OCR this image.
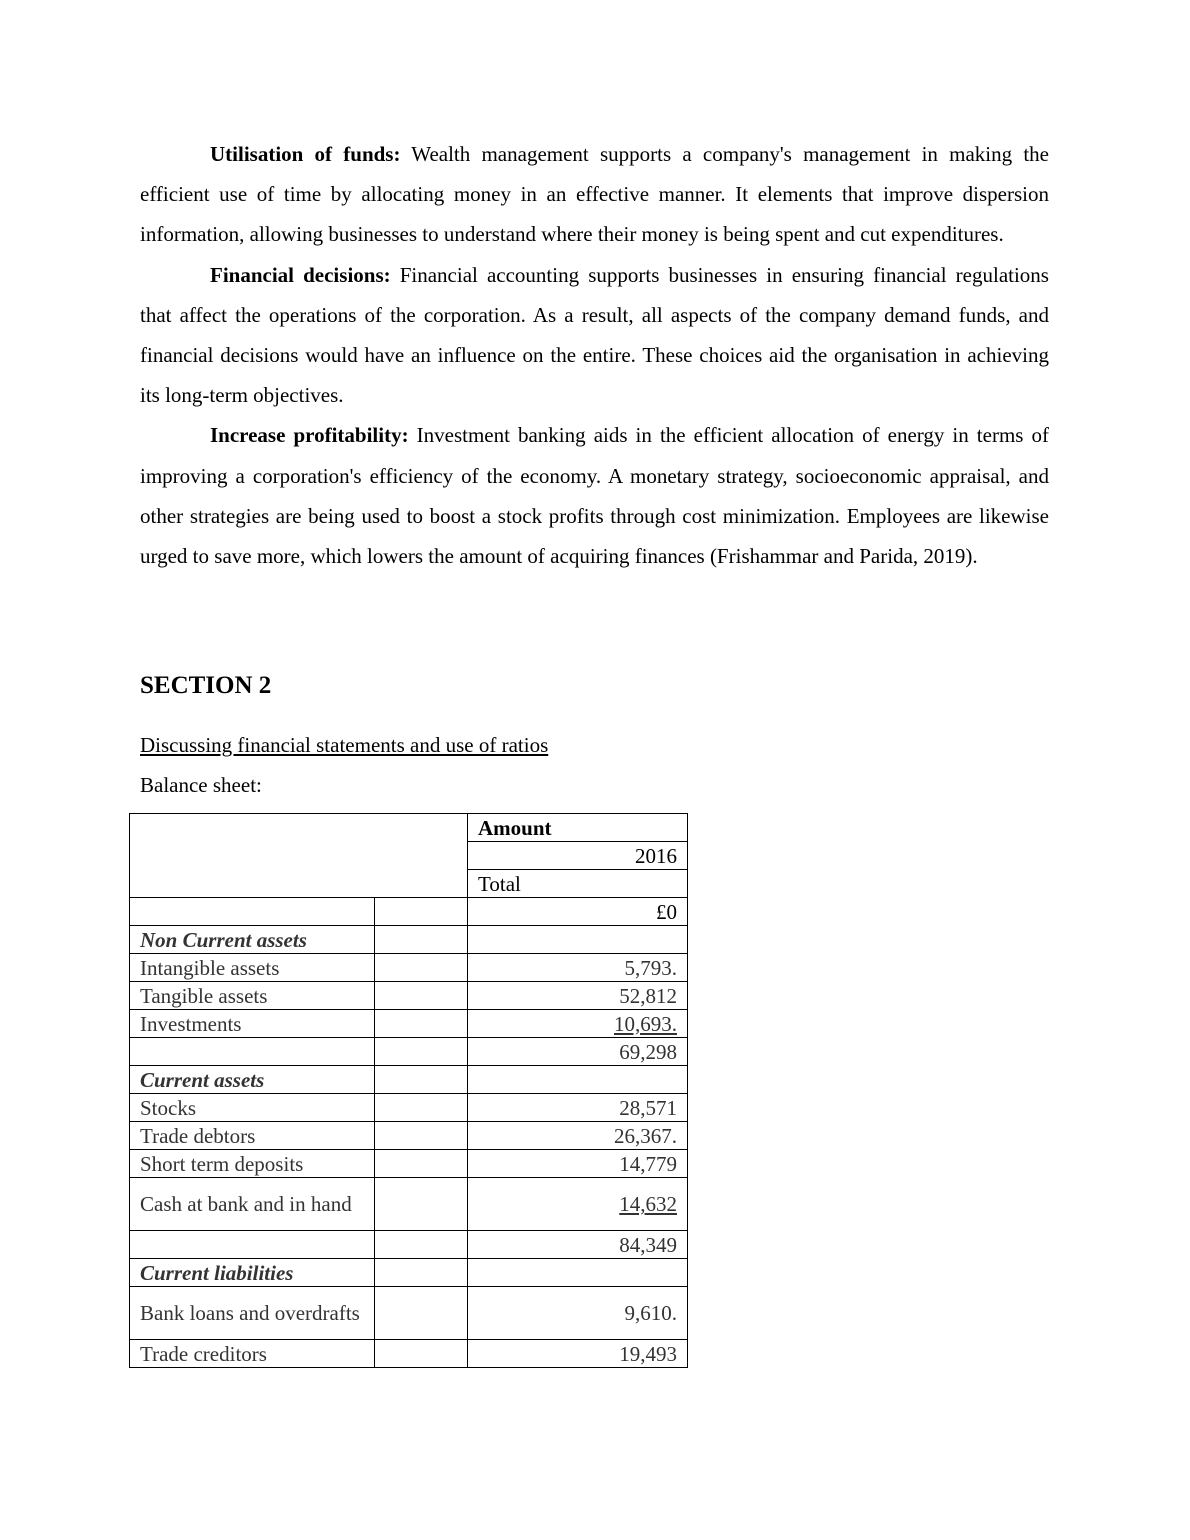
Utilisation of funds: Wealth management supports a company's management in making the efficient use of time by allocating money in an effective manner. It elements that improve dispersion information, allowing businesses to understand where their money is being spent and cut expenditures.

Financial decisions: Financial accounting supports businesses in ensuring financial regulations that affect the operations of the corporation. As a result, all aspects of the company demand funds, and financial decisions would have an influence on the entire. These choices aid the organisation in achieving its long-term objectives.

Increase profitability: Investment banking aids in the efficient allocation of energy in terms of improving a corporation's efficiency of the economy. A monetary strategy, socioeconomic appraisal, and other strategies are being used to boost a stock profits through cost minimization. Employees are likewise urged to save more, which lowers the amount of acquiring finances (Frishammar and Parida, 2019).

SECTION 2

Discussing financial statements and use of ratios

Balance sheet:

		Amount
		2016
		Total
		£0
Non Current assets		
Intangible assets		5,793.
Tangible assets		52,812
Investments		10,693.
		69,298
Current assets		
Stocks		28,571
Trade debtors		26,367.
Short term deposits		14,779
Cash at bank and in hand		14,632
		84,349
Current liabilities		
Bank loans and overdrafts		9,610.
Trade creditors		19,493
